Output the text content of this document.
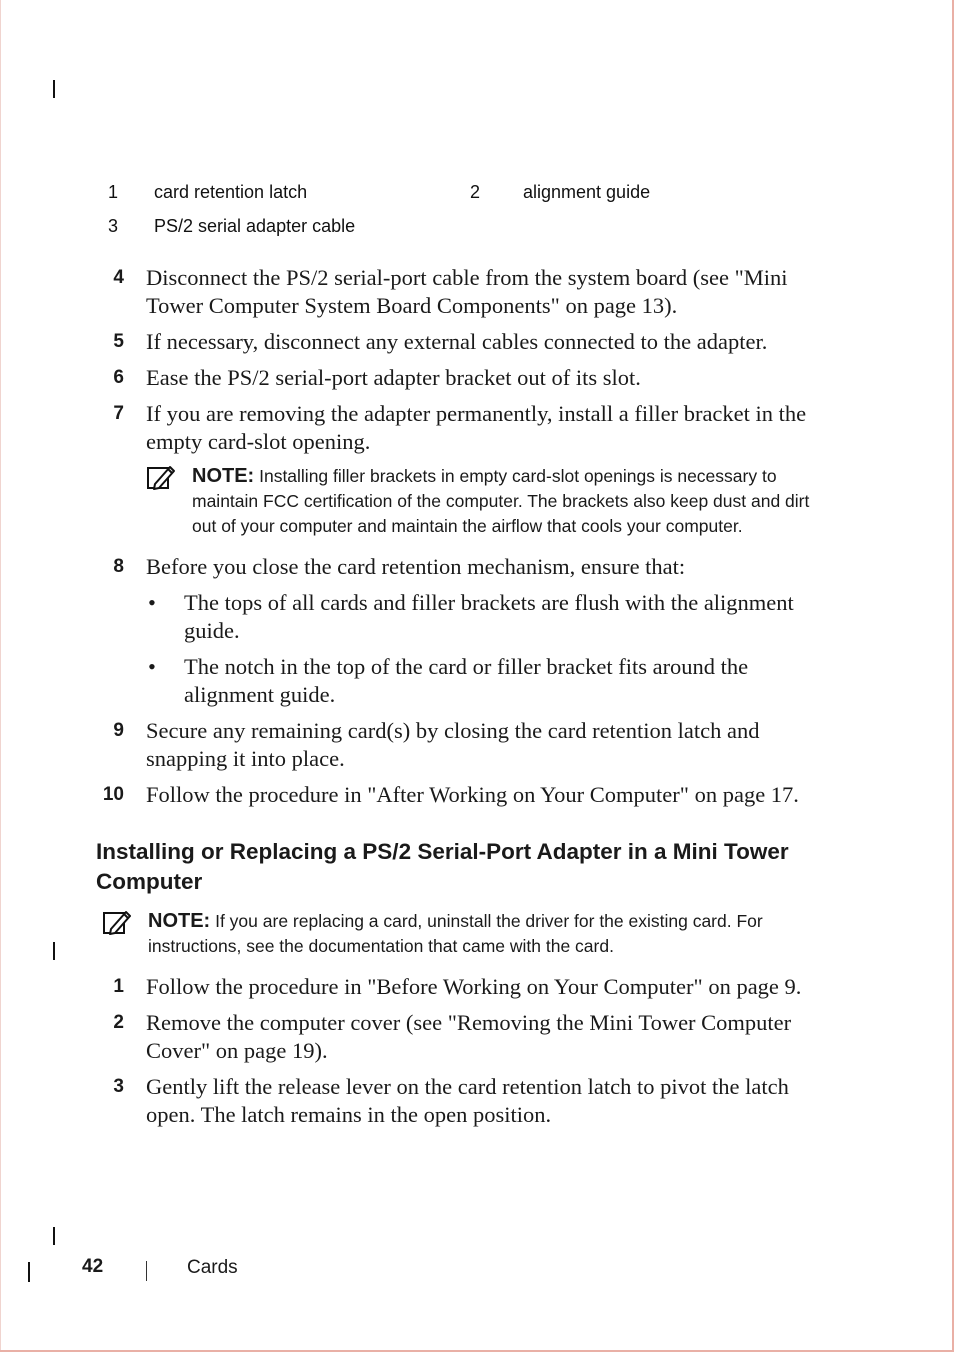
1 card retention latch	2 alignment guide
3 PS/2 serial adapter cable
4 Disconnect the PS/2 serial-port cable from the system board (see "Mini Tower Computer System Board Components" on page 13).
5 If necessary, disconnect any external cables connected to the adapter.
6 Ease the PS/2 serial-port adapter bracket out of its slot.
7 If you are removing the adapter permanently, install a filler bracket in the empty card-slot opening.
NOTE: Installing filler brackets in empty card-slot openings is necessary to maintain FCC certification of the computer. The brackets also keep dust and dirt out of your computer and maintain the airflow that cools your computer.
8 Before you close the card retention mechanism, ensure that:
• The tops of all cards and filler brackets are flush with the alignment guide.
• The notch in the top of the card or filler bracket fits around the alignment guide.
9 Secure any remaining card(s) by closing the card retention latch and snapping it into place.
10 Follow the procedure in "After Working on Your Computer" on page 17.
Installing or Replacing a PS/2 Serial-Port Adapter in a Mini Tower Computer
NOTE: If you are replacing a card, uninstall the driver for the existing card. For instructions, see the documentation that came with the card.
1 Follow the procedure in "Before Working on Your Computer" on page 9.
2 Remove the computer cover (see "Removing the Mini Tower Computer Cover" on page 19).
3 Gently lift the release lever on the card retention latch to pivot the latch open. The latch remains in the open position.
42	Cards
